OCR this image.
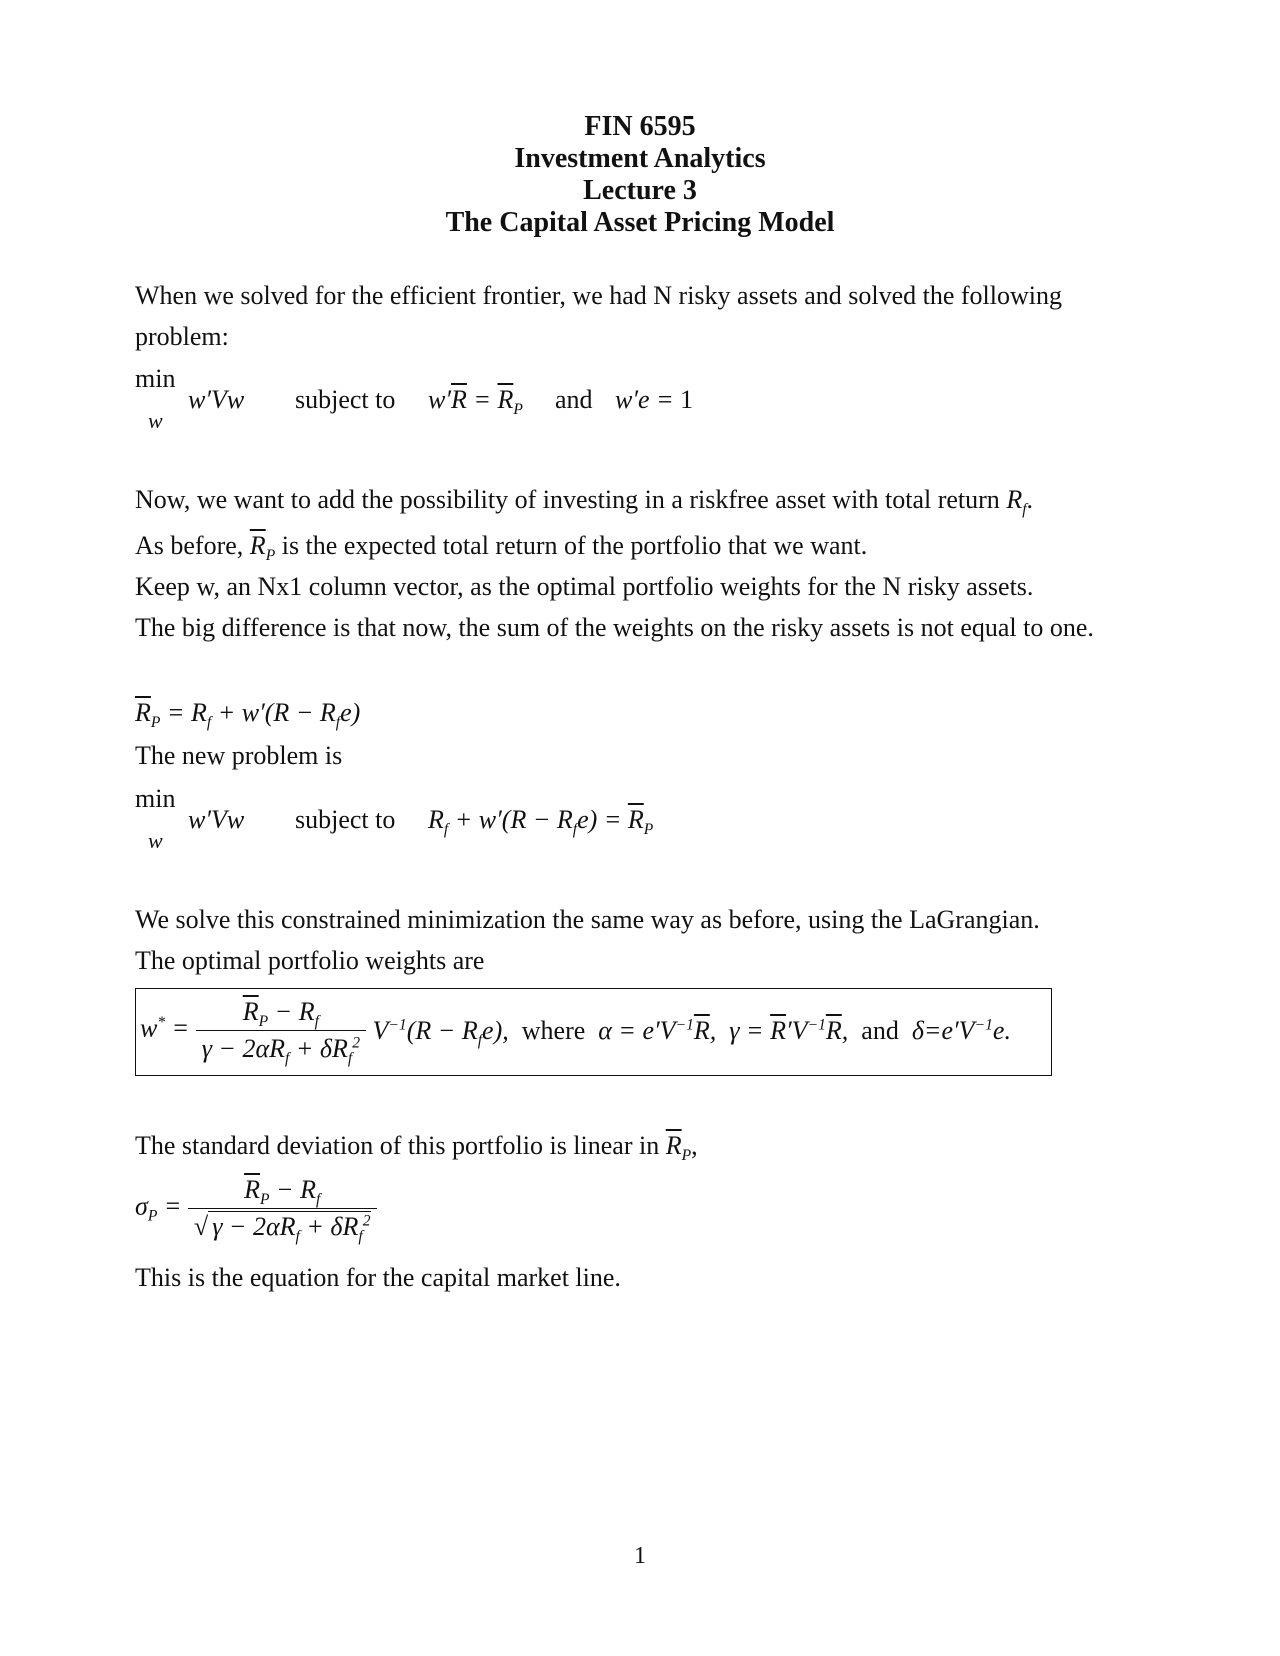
FIN 6595
Investment Analytics
Lecture 3
The Capital Asset Pricing Model
When we solved for the efficient frontier, we had N risky assets and solved the following
problem:
min
w
w′Vw subject to $w'\overline{R} = \overline{R}_P$ and w′e = 1
Now, we want to add the possibility of investing in a riskfree asset with total return $R_f$.
As before, $\overline{R}_P$ is the expected total return of the portfolio that we want.
Keep w, an Nx1 column vector, as the optimal portfolio weights for the N risky assets.
The big difference is that now, the sum of the weights on the risky assets is not equal to one.
$\overline{R}_P = R_f + w'(R - R_fe)$
The new problem is
min
w
w′Vw subject to $R_f + w'(R - R_fe) = \overline{R}_P$
We solve this constrained minimization the same way as before, using the LaGrangian.
The optimal portfolio weights are
$w^* = \frac{\overline{R}_P - R_f}{\gamma - 2\alpha R_f + \delta R_f^2} V^{-1}(R - R_fe)$,  where  $\alpha = e'V^{-1}\overline{R}$,  $\gamma = \overline{R}'V^{-1}\overline{R}$,  and  $\delta=e'V^{-1}e$.
The standard deviation of this portfolio is linear in $\overline{R}_P$,
$\sigma_P = \frac{\overline{R}_P - R_f}{√ \gamma - 2\alpha R_f + \delta R_f^2}$
This is the equation for the capital market line.
1
